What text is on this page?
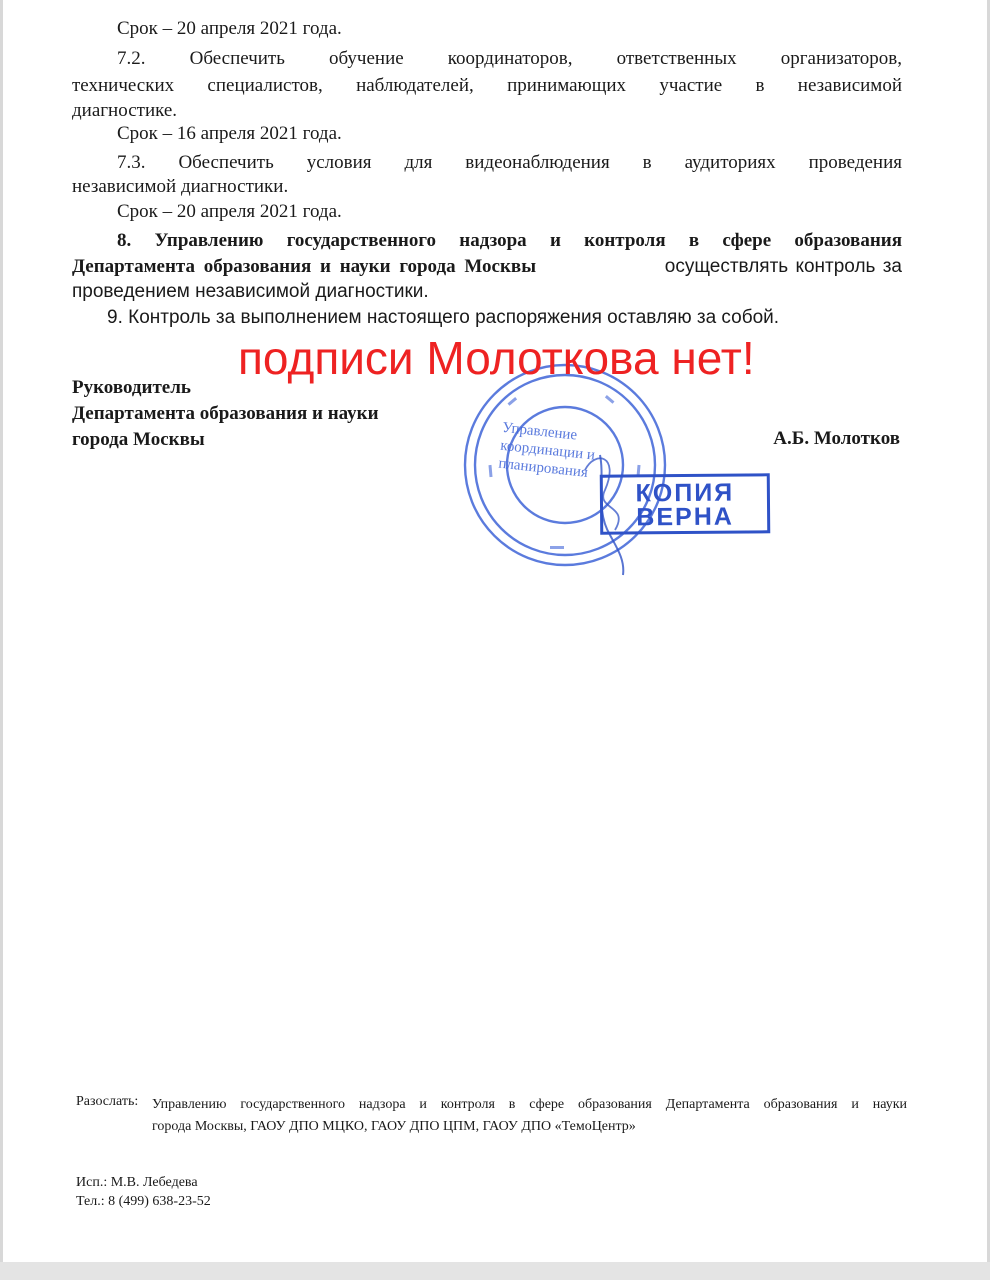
Срок – 20 апреля 2021 года.

7.2. Обеспечить обучение координаторов, ответственных организаторов,

технических специалистов, наблюдателей, принимающих участие в независимой

диагностике.

Срок – 16 апреля 2021 года.

7.3. Обеспечить условия для видеонаблюдения в аудиториях проведения

независимой диагностики.

Срок – 20 апреля 2021 года.

8. Управлению государственного надзора и контроля в сфере образования

Департамента образования и науки города Москвы	осуществлять контроль за

проведением независимой диагностики.

9. Контроль за выполнением настоящего распоряжения оставляю за собой.

подписи Молоткова нет!

Руководитель

Департамента образования и науки

города Москвы	А.Б. Молотков

Управление координации и планирования
КОПИЯ
ВЕРНА

Разослать: Управлению государственного надзора и контроля в сфере образования Департамента образования и науки
города Москвы, ГАОУ ДПО МЦКО, ГАОУ ДПО ЦПМ, ГАОУ ДПО «ТемоЦентр»

Исп.: М.В. Лебедева

Тел.: 8 (499) 638-23-52
